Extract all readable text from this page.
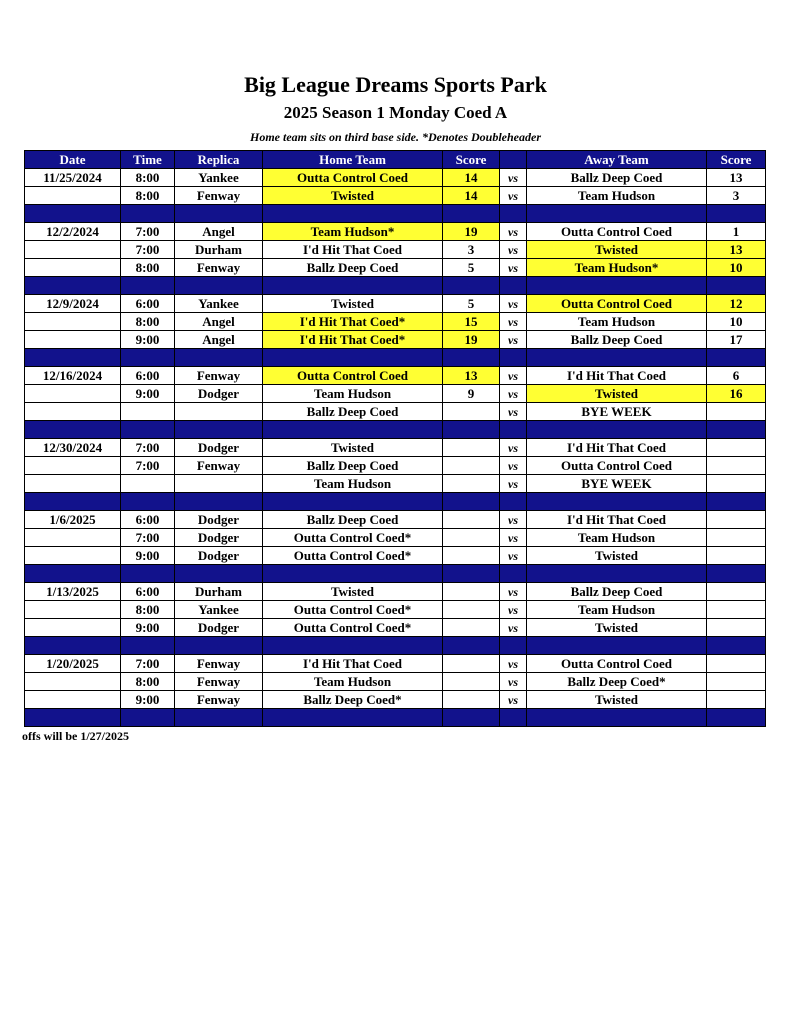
Big League Dreams Sports Park
2025 Season 1 Monday Coed A
Home team sits on third base side. *Denotes Doubleheader
Date	Time	Replica	Home Team	Score		Away Team	Score
11/25/2024	8:00	Yankee	Outta Control Coed	14	vs	Ballz Deep Coed	13
	8:00	Fenway	Twisted	14	vs	Team Hudson	3

12/2/2024	7:00	Angel	Team Hudson*	19	vs	Outta Control Coed	1
	7:00	Durham	I'd Hit That Coed	3	vs	Twisted	13
	8:00	Fenway	Ballz Deep Coed	5	vs	Team Hudson*	10

12/9/2024	6:00	Yankee	Twisted	5	vs	Outta Control Coed	12
	8:00	Angel	I'd Hit That Coed*	15	vs	Team Hudson	10
	9:00	Angel	I'd Hit That Coed*	19	vs	Ballz Deep Coed	17

12/16/2024	6:00	Fenway	Outta Control Coed	13	vs	I'd Hit That Coed	6
	9:00	Dodger	Team Hudson	9	vs	Twisted	16
			Ballz Deep Coed		vs	BYE WEEK	

12/30/2024	7:00	Dodger	Twisted		vs	I'd Hit That Coed	
	7:00	Fenway	Ballz Deep Coed		vs	Outta Control Coed	
			Team Hudson		vs	BYE WEEK	

1/6/2025	6:00	Dodger	Ballz Deep Coed		vs	I'd Hit That Coed	
	7:00	Dodger	Outta Control Coed*		vs	Team Hudson	
	9:00	Dodger	Outta Control Coed*		vs	Twisted	

1/13/2025	6:00	Durham	Twisted		vs	Ballz Deep Coed	
	8:00	Yankee	Outta Control Coed*		vs	Team Hudson	
	9:00	Dodger	Outta Control Coed*		vs	Twisted	

1/20/2025	7:00	Fenway	I'd Hit That Coed		vs	Outta Control Coed	
	8:00	Fenway	Team Hudson		vs	Ballz Deep Coed*	
	9:00	Fenway	Ballz Deep Coed*		vs	Twisted	

offs will be 1/27/2025
